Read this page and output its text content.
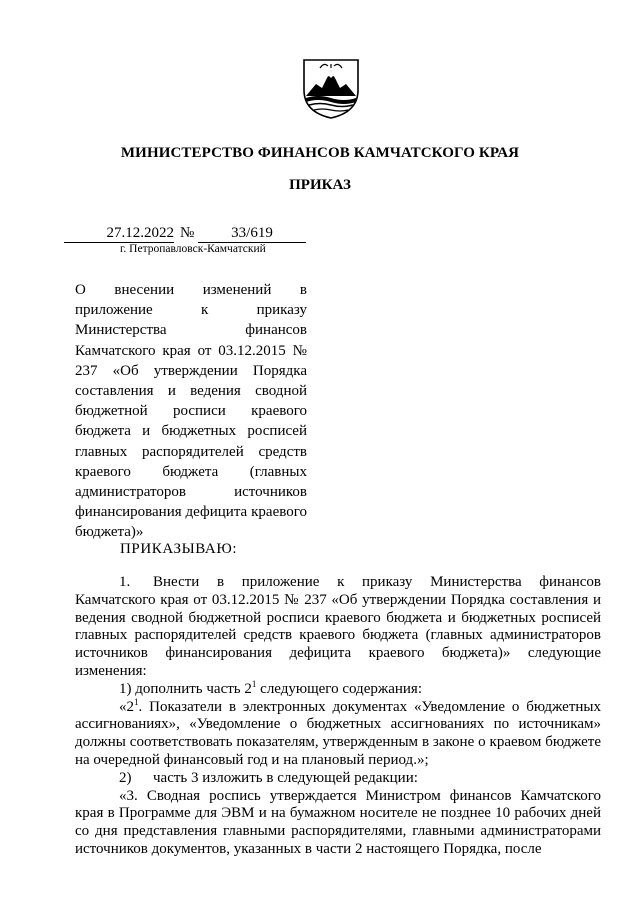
МИНИСТЕРСТВО ФИНАНСОВ КАМЧАТСКОГО КРАЯ
ПРИКАЗ
27.12.2022 №	33/619
г. Петропавловск-Камчатский
О внесении изменений в приложение к приказу Министерства финансов Камчатского края от 03.12.2015 № 237 «Об утверждении Порядка составления и ведения сводной бюджетной росписи краевого бюджета и бюджетных росписей главных распорядителей средств краевого бюджета (главных администраторов источников финансирования дефицита краевого бюджета)»
ПРИКАЗЫВАЮ:

1. Внести в приложение к приказу Министерства финансов Камчатского края от 03.12.2015 № 237 «Об утверждении Порядка составления и ведения сводной бюджетной росписи краевого бюджета и бюджетных росписей главных распорядителей средств краевого бюджета (главных администраторов источников финансирования дефицита краевого бюджета)» следующие изменения:

1) дополнить часть $2^1$ следующего содержания:

«$2^1$. Показатели в электронных документах «Уведомление о бюджетных ассигнованиях», «Уведомление о бюджетных ассигнованиях по источникам» должны соответствовать показателям, утвержденным в законе о краевом бюджете на очередной финансовый год и на плановый период.»;

2) часть 3 изложить в следующей редакции:

«3. Сводная роспись утверждается Министром финансов Камчатского края в Программе для ЭВМ и на бумажном носителе не позднее 10 рабочих дней со дня представления главными распорядителями, главными администраторами источников документов, указанных в части 2 настоящего Порядка, после
